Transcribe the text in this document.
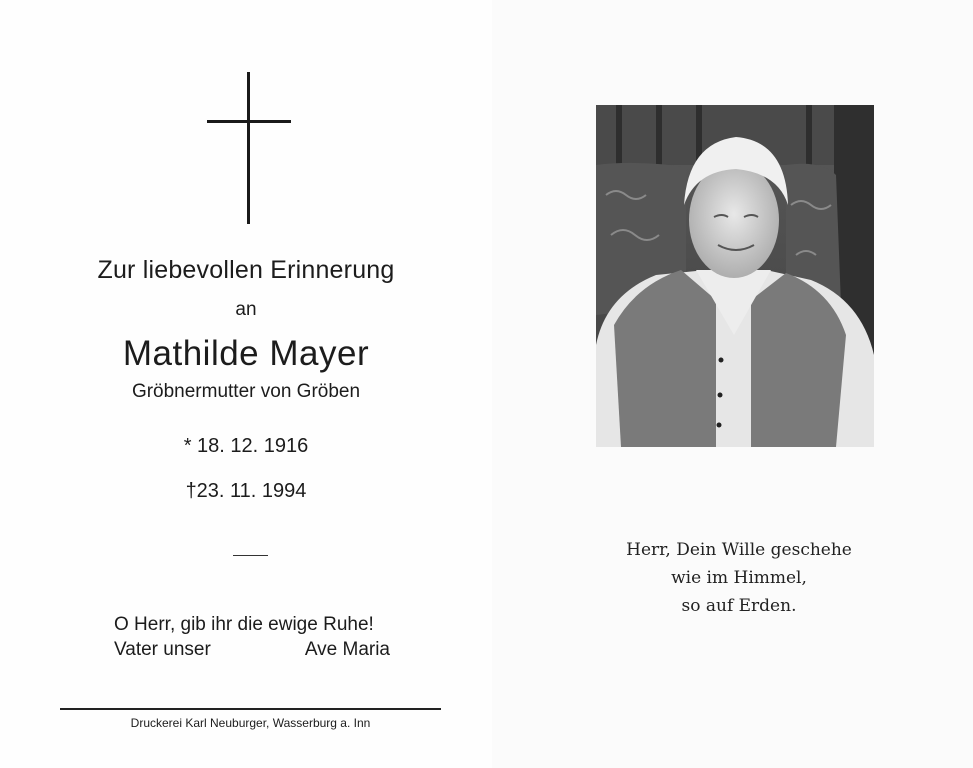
Zur liebevollen Erinnerung
an
Mathilde Mayer
Gröbnermutter von Gröben
* 18. 12. 1916
†23. 11. 1994
O Herr, gib ihr die ewige Ruhe!
Vater unser	Ave Maria
Druckerei Karl Neuburger, Wasserburg a. Inn
Herr, Dein Wille geschehe
wie im Himmel,
so auf Erden.
